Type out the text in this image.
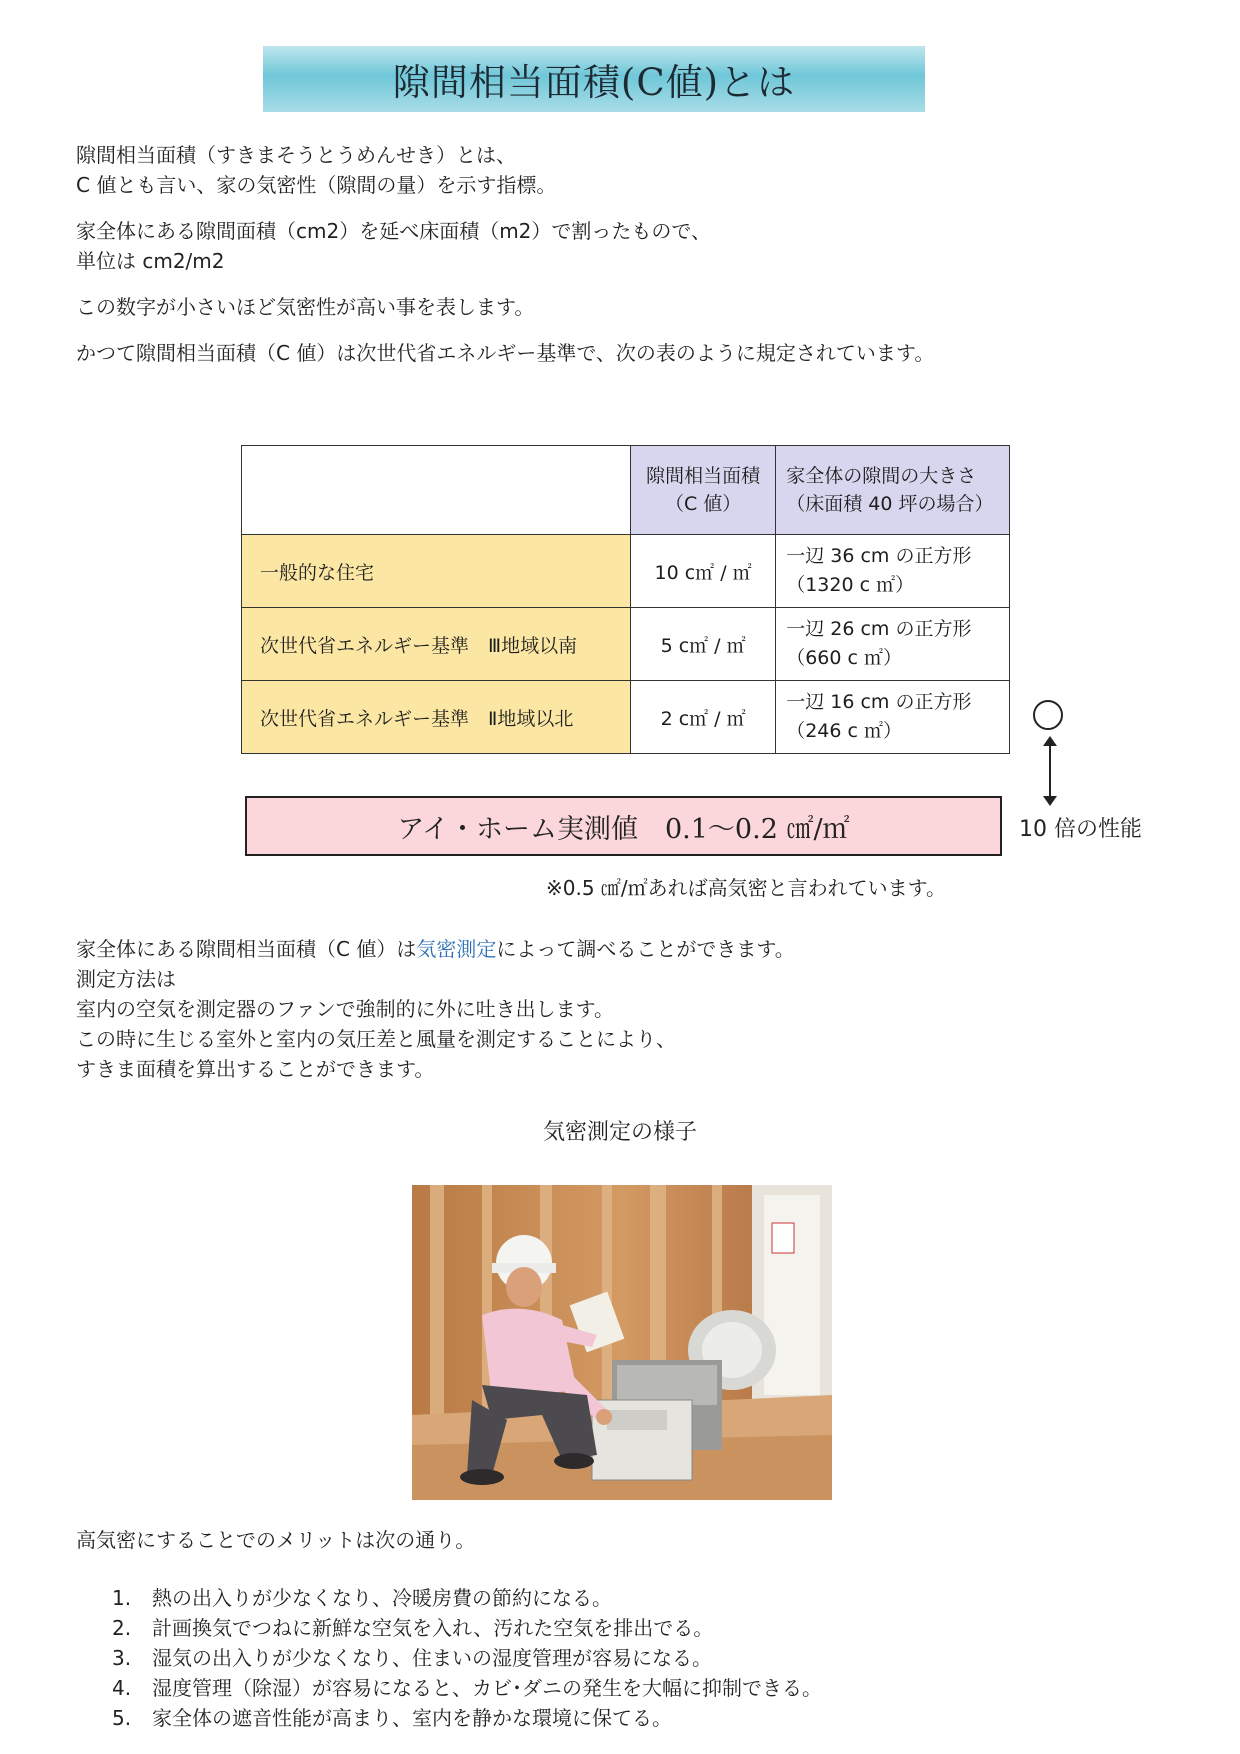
隙間相当面積(C値)とは

隙間相当面積（すきまそうとうめんせき）とは、
C 値とも言い、家の気密性（隙間の量）を示す指標。

家全体にある隙間面積（cm2）を延べ床面積（m2）で割ったもので、
単位は cm2/m2

この数字が小さいほど気密性が高い事を表します。

かつて隙間相当面積（C 値）は次世代省エネルギー基準で、次の表のように規定されています。

	隙間相当面積
（C 値）	家全体の隙間の大きさ
（床面積 40 坪の場合）

一般的な住宅	10 c㎡ / ㎡	一辺 36 cm の正方形
（1320 c ㎡）

次世代省エネルギー基準　Ⅲ地域以南	5 c㎡ / ㎡	一辺 26 cm の正方形
（660 c ㎡）

次世代省エネルギー基準　Ⅱ地域以北	2 c㎡ / ㎡	一辺 16 cm の正方形
（246 c ㎡）
10 倍の性能
アイ・ホーム実測値　0.1～0.2 ㎠/㎡
※0.5 ㎠/㎡あれば高気密と言われています。

家全体にある隙間相当面積（C 値）は気密測定によって調べることができます。
測定方法は
室内の空気を測定器のファンで強制的に外に吐き出します。
この時に生じる室外と室内の気圧差と風量を測定することにより、
すきま面積を算出することができます。

気密測定の様子

高気密にすることでのメリットは次の通り。

1. 熱の出入りが少なくなり、冷暖房費の節約になる。
2. 計画換気でつねに新鮮な空気を入れ、汚れた空気を排出でる。
3. 湿気の出入りが少なくなり、住まいの湿度管理が容易になる。
4. 湿度管理（除湿）が容易になると、カビ･ダニの発生を大幅に抑制できる。
5. 家全体の遮音性能が高まり、室内を静かな環境に保てる。
